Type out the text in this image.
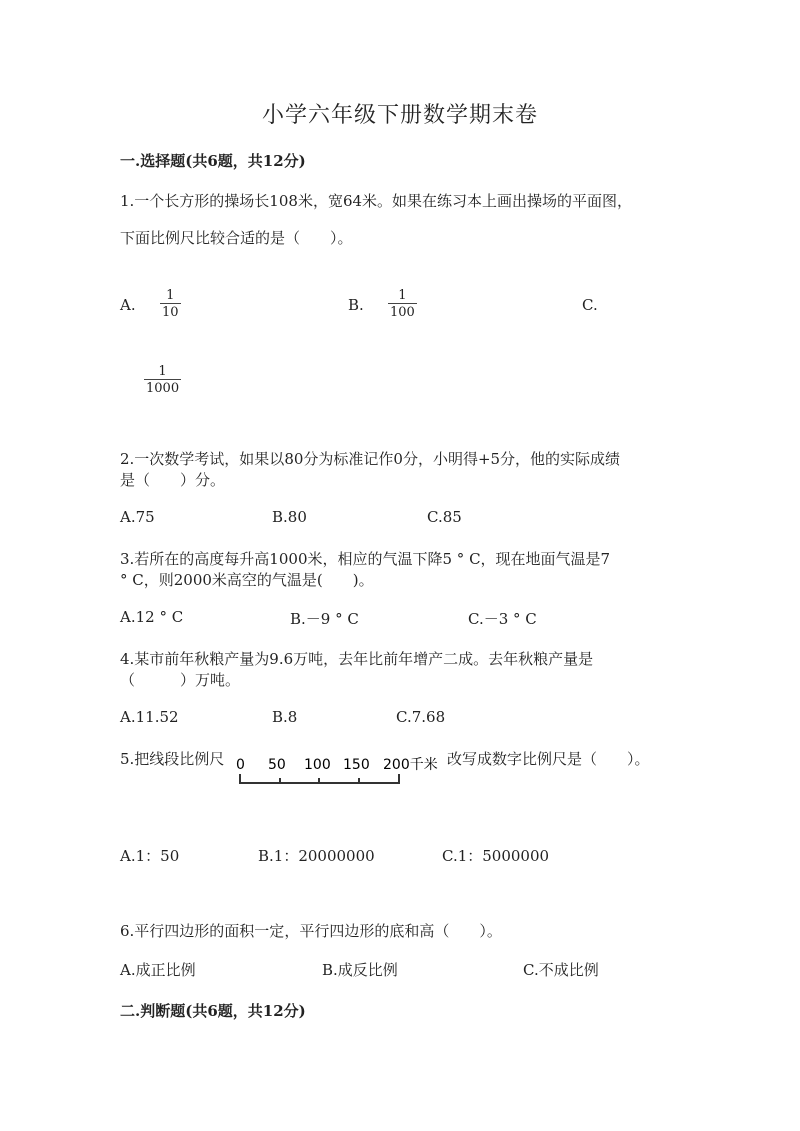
小学六年级下册数学期末卷
一.选择题(共6题，共12分)
1.一个长方形的操场长108米，宽64米。如果在练习本上画出操场的平面图，
下面比例尺比较合适的是（　　）。
A. $\frac{1}{10}$	B. $\frac{1}{100}$	C.
$\frac{1}{1000}$
2.一次数学考试，如果以80分为标准记作0分，小明得+5分，他的实际成绩
是（　　）分。
A.75	B.80	C.85
3.若所在的高度每升高1000米，相应的气温下降5 ° C，现在地面气温是7
° C，则2000米高空的气温是(　　)。
A.12 ° C	B.－9 ° C	C.－3 ° C
4.某市前年秋粮产量为9.6万吨，去年比前年增产二成。去年秋粮产量是
（　　　）万吨。
A.11.52	B.8	C.7.68
5.把线段比例尺 0 50 100 150 200千米 改写成数字比例尺是（　　）。
A.1：50	B.1：20000000	C.1：5000000
6.平行四边形的面积一定，平行四边形的底和高（　　）。
A.成正比例	B.成反比例	C.不成比例
二.判断题(共6题，共12分)
